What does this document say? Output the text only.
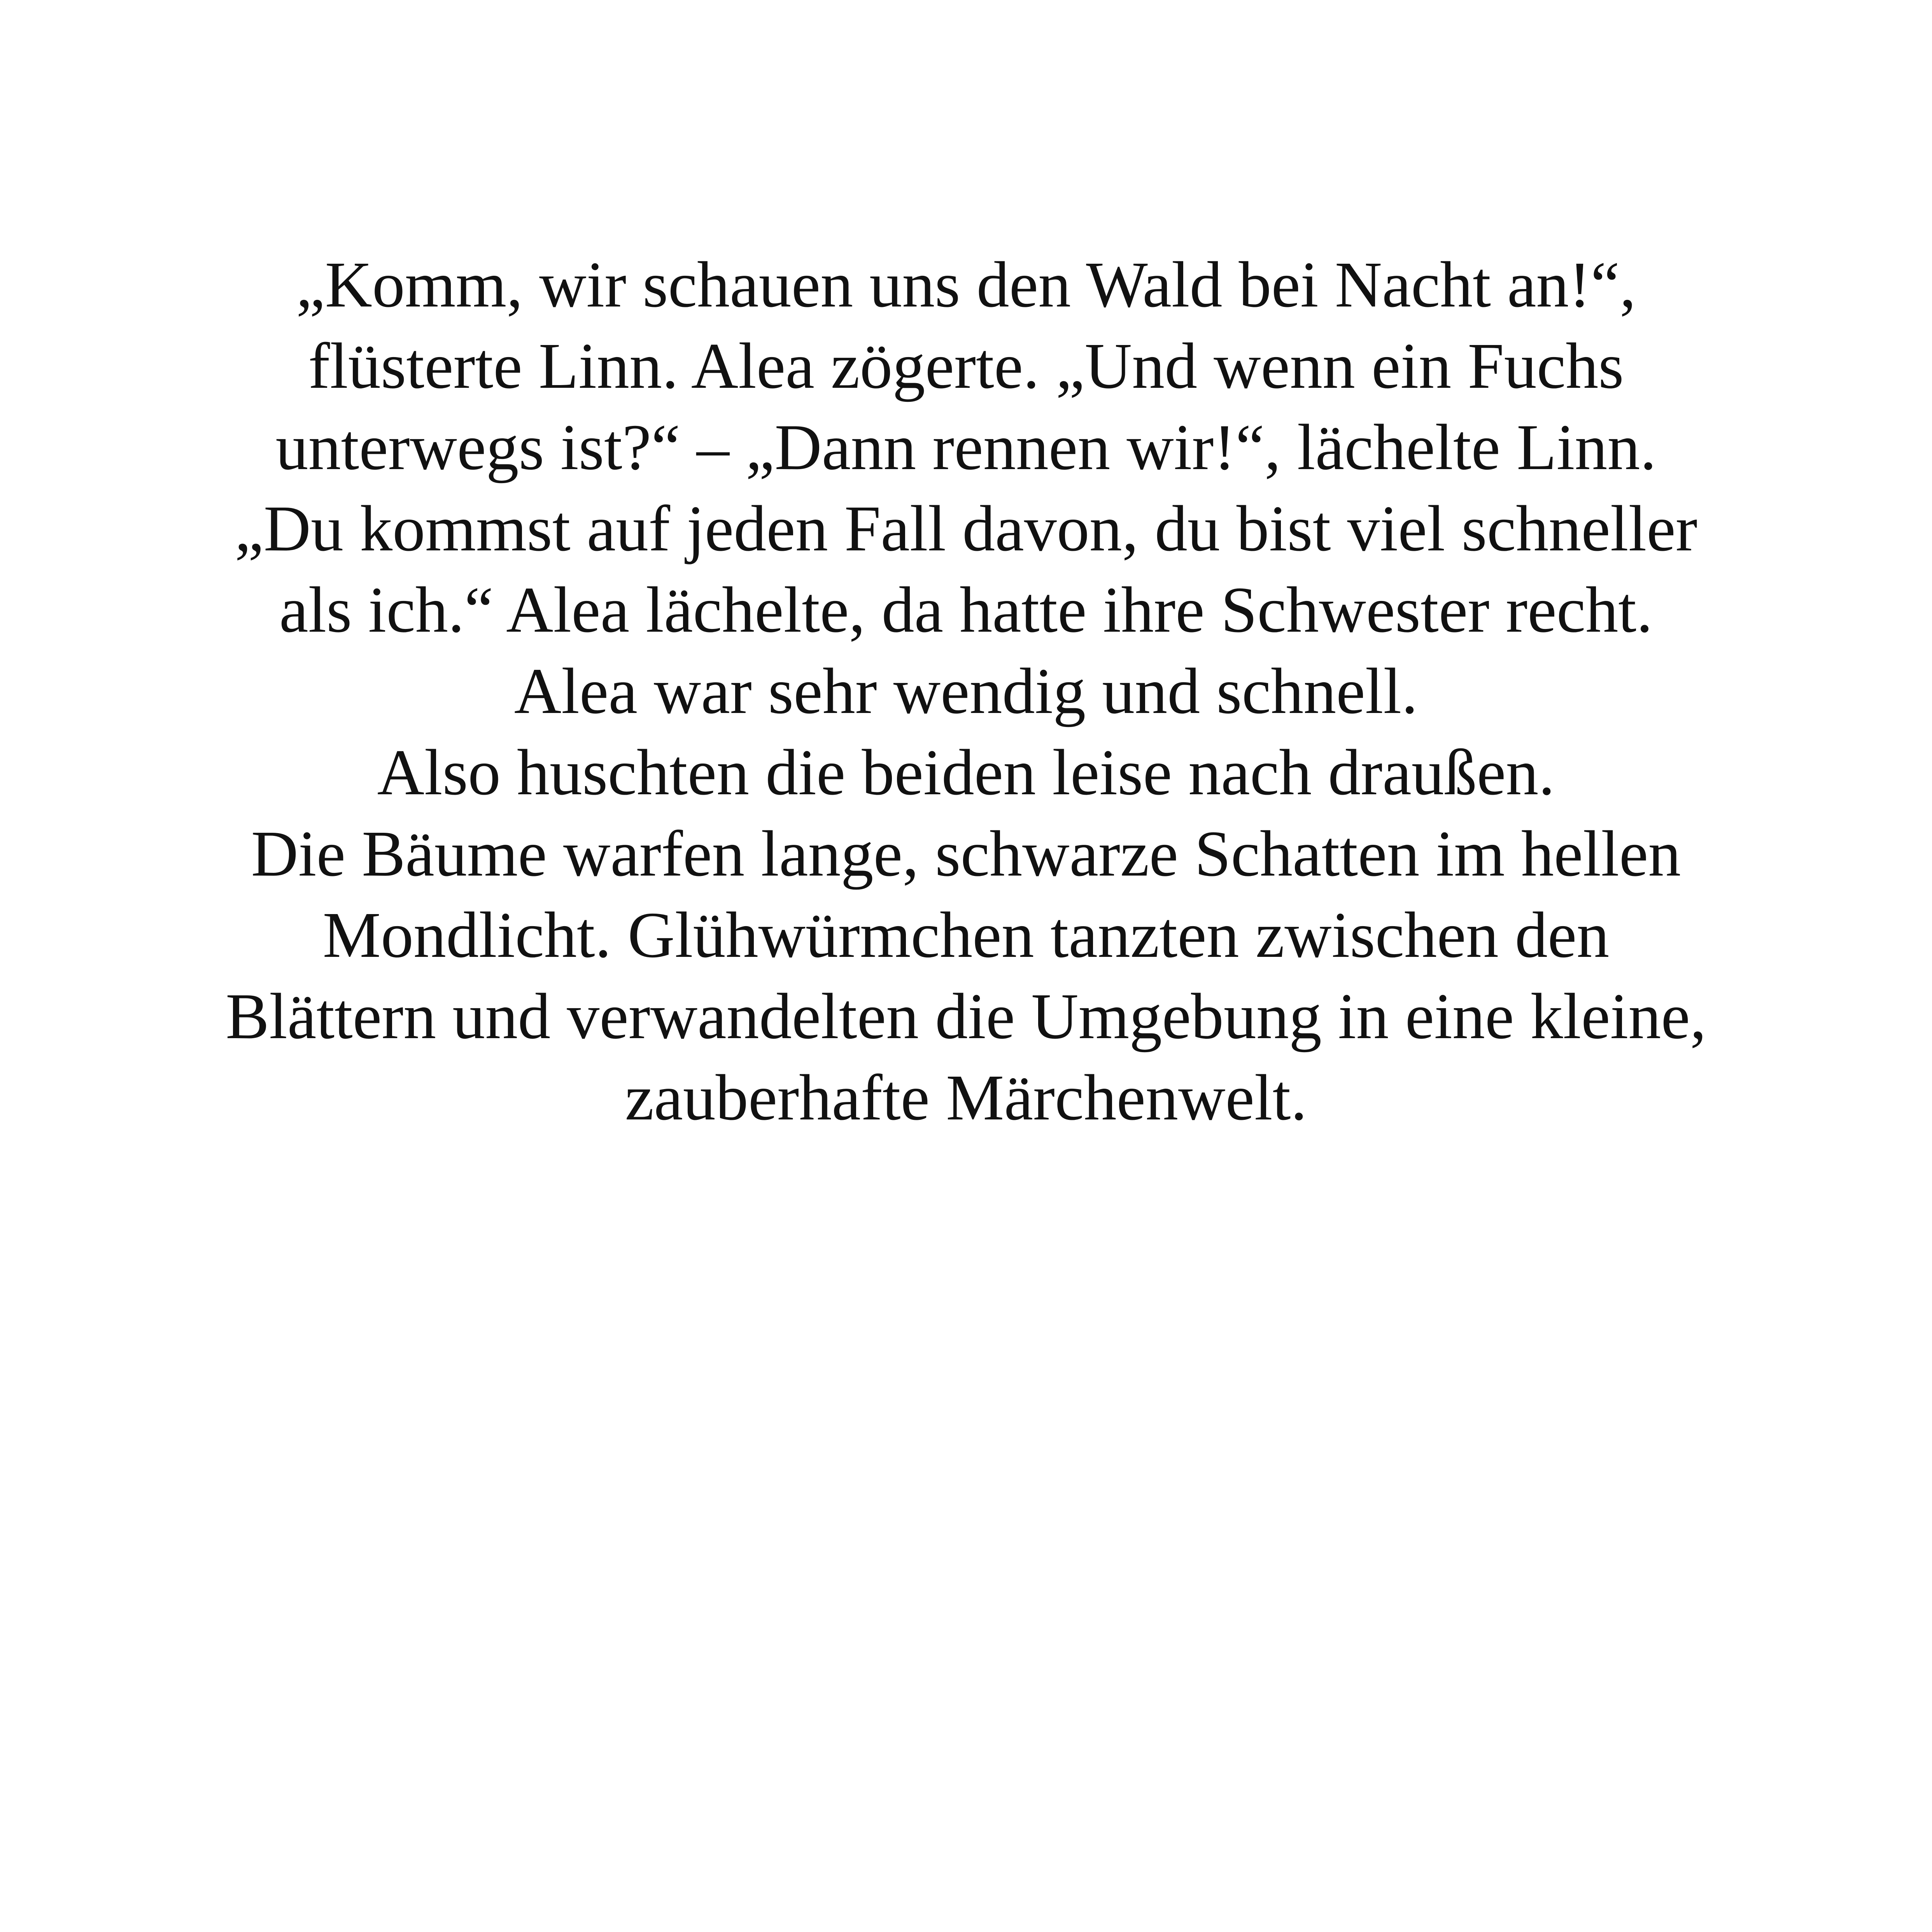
„Komm, wir schauen uns den Wald bei Nacht an!“,
flüsterte Linn. Alea zögerte. „Und wenn ein Fuchs
unterwegs ist?“ – „Dann rennen wir!“, lächelte Linn.
„Du kommst auf jeden Fall davon, du bist viel schneller
als ich.“ Alea lächelte, da hatte ihre Schwester recht.
Alea war sehr wendig und schnell.
Also huschten die beiden leise nach draußen.
Die Bäume warfen lange, schwarze Schatten im hellen
Mondlicht. Glühwürmchen tanzten zwischen den
Blättern und verwandelten die Umgebung in eine kleine,
zauberhafte Märchenwelt.
